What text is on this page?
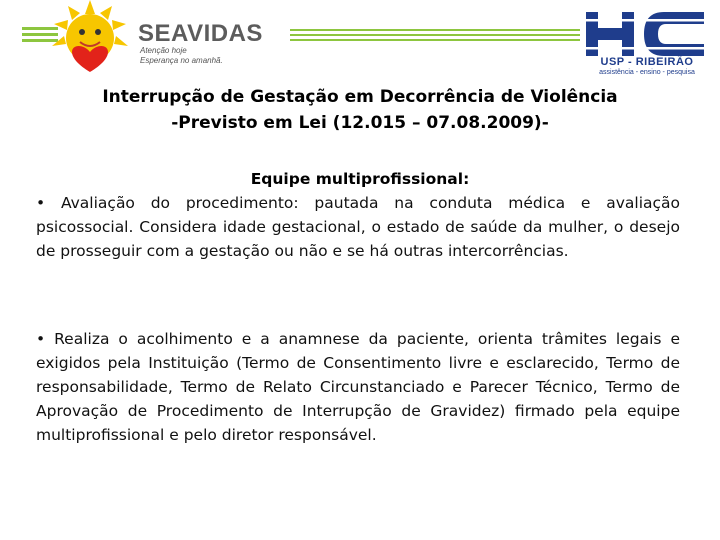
SEAVIDAS
Atenção hoje
Esperança no amanhã.	USP - RIBEIRÃO
assistência - ensino - pesquisa
Interrupção de Gestação em Decorrência de Violência
-Previsto em Lei (12.015 – 07.08.2009)-
Equipe multiprofissional:
• Avaliação do procedimento: pautada na conduta médica e avaliação psicossocial. Considera idade gestacional, o estado de saúde da mulher, o desejo de prosseguir com a gestação ou não e se há outras intercorrências.
• Realiza o acolhimento e a anamnese da paciente, orienta trâmites legais e exigidos pela Instituição (Termo de Consentimento livre e esclarecido, Termo de responsabilidade, Termo de Relato Circunstanciado e Parecer Técnico, Termo de Aprovação de Procedimento de Interrupção de Gravidez) firmado pela equipe multiprofissional e pelo diretor responsável.
